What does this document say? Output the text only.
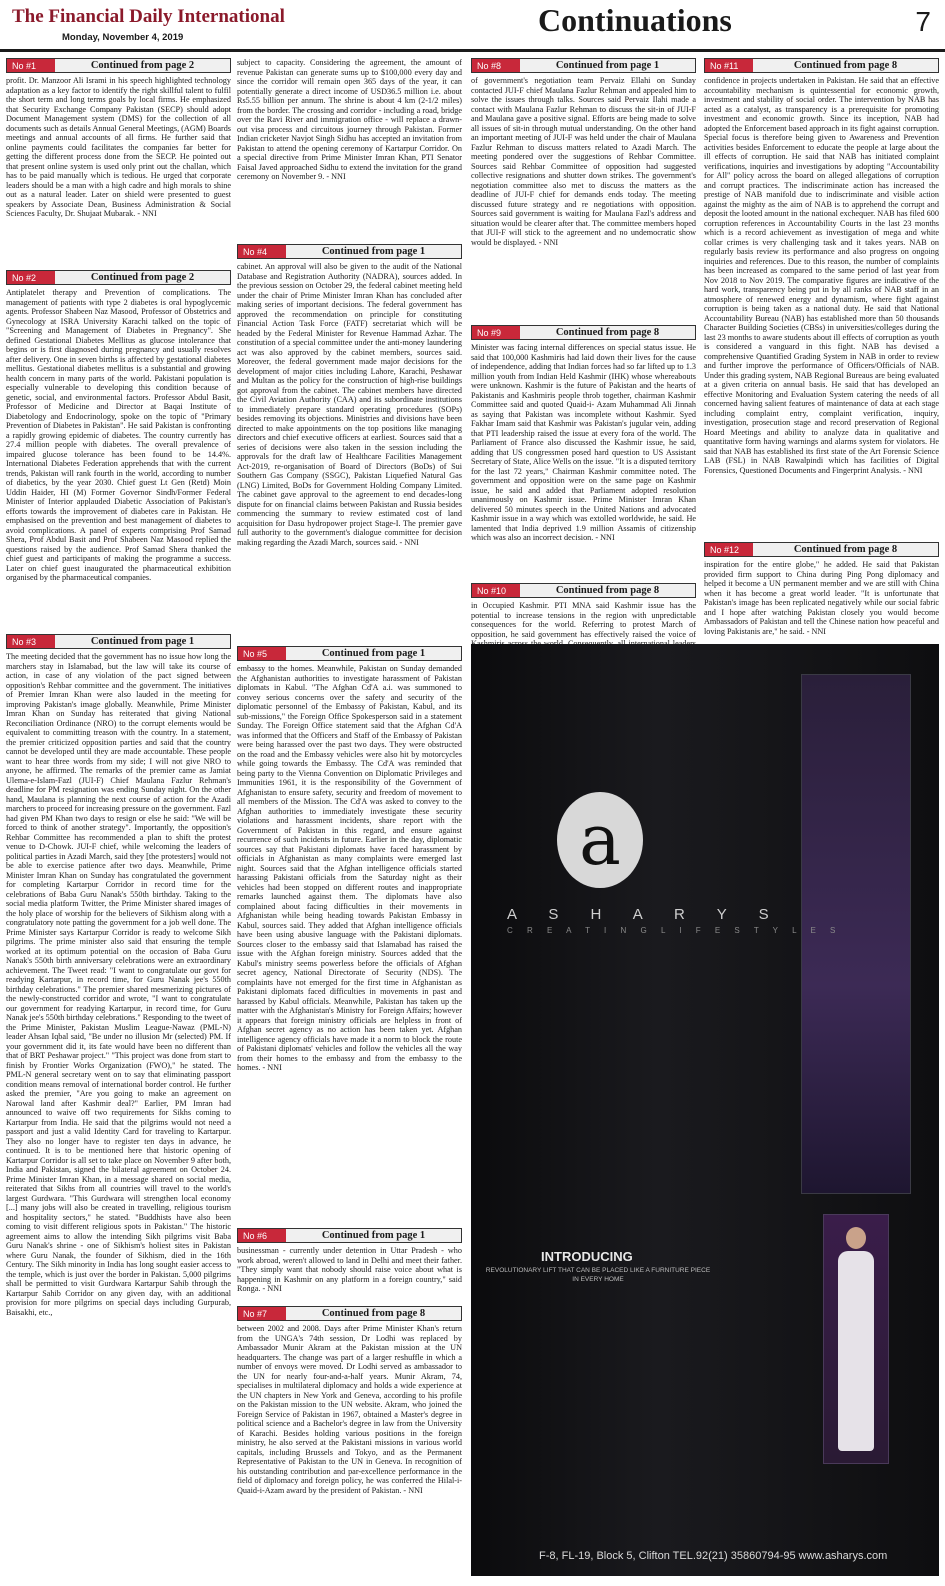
The Financial Daily International
Monday, November 4, 2019	Continuations	7
No #1	Continued from page 2
profit. Dr. Manzoor Ali Isrami in his speech highlighted technology adaptation as a key factor to identify the right skillful talent to fulfil the short term and long terms goals by local firms. He emphasized that Security Exchange Company Pakistan (SECP) should adopt Document Management system (DMS) for the collection of all documents such as details Annual General Meetings, (AGM) Boards meetings and annual accounts of all firms. He further said that online payments could facilitates the companies far better for getting the different process done from the SECP. He pointed out that present online system is used only print out the challan, which has to be paid manually which is tedious. He urged that corporate leaders should be a man with a high cadre and high morals to shine out as a natural leader. Later on shield were presented to guest speakers by Associate Dean, Business Administration & Social Sciences Faculty, Dr. Shujaat Mubarak. - NNI
No #2	Continued from page 2
Antiplatelet therapy and Prevention of complications. The management of patients with type 2 diabetes is oral hypoglycemic agents. Professor Shabeen Naz Masood, Professor of Obstetrics and Gynecology at ISRA University Karachi talked on the topic of "Screening and Management of Diabetes in Pregnancy". She defined Gestational Diabetes Mellitus as glucose intolerance that begins or is first diagnosed during pregnancy and usually resolves after delivery. One in seven births is affected by gestational diabetes mellitus. Gestational diabetes mellitus is a substantial and growing health concern in many parts of the world. Pakistani population is especially vulnerable to developing this condition because of genetic, social, and environmental factors. Professor Abdul Basit, Professor of Medicine and Director at Baqai Institute of Diabetology and Endocrinology, spoke on the topic of "Primary Prevention of Diabetes in Pakistan". He said Pakistan is confronting a rapidly growing epidemic of diabetes. The country currently has 27.4 million people with diabetes. The overall prevalence of impaired glucose tolerance has been found to be 14.4%. International Diabetes Federation apprehends that with the current trends, Pakistan will rank fourth in the world, according to number of diabetics, by the year 2030. Chief guest Lt Gen (Retd) Moin Uddin Haider, HI (M) Former Governor Sindh/Former Federal Minister of Interior applauded Diabetic Association of Pakistan's efforts towards the improvement of diabetes care in Pakistan. He emphasised on the prevention and best management of diabetes to avoid complications. A panel of experts comprising Prof Samad Shera, Prof Abdul Basit and Prof Shabeen Naz Masood replied the questions raised by the audience. Prof Samad Shera thanked the chief guest and participants of making the programme a success. Later on chief guest inaugurated the pharmaceutical exhibition organised by the pharmaceutical companies.
No #3	Continued from page 1
The meeting decided that the government has no issue how long the marchers stay in Islamabad, but the law will take its course of action, in case of any violation of the pact signed between opposition's Rehbar committee and the government. The initiatives of Premier Imran Khan were also lauded in the meeting for improving Pakistan's image globally. Meanwhile, Prime Minister Imran Khan on Sunday has reiterated that giving National Reconciliation Ordinance (NRO) to the corrupt elements would be equivalent to committing treason with the country. In a statement, the premier criticized opposition parties and said that the country cannot be developed until they are made accountable. These people want to hear three words from my side; I will not give NRO to anyone, he affirmed. The remarks of the premier came as Jamiat Ulema-e-Islam-Fazl (JUI-F) Chief Maulana Fazlur Rehman's deadline for PM resignation was ending Sunday night. On the other hand, Maulana is planning the next course of action for the Azadi marchers to proceed for increasing pressure on the government. Fazl had given PM Khan two days to resign or else he said: "We will be forced to think of another strategy". Importantly, the opposition's Rehbar Committee has recommended a plan to shift the protest venue to D-Chowk. JUI-F chief, while welcoming the leaders of political parties in Azadi March, said they [the protesters] would not be able to exercise patience after two days. Meanwhile, Prime Minister Imran Khan on Sunday has congratulated the government for completing Kartarpur Corridor in record time for the celebrations of Baba Guru Nanak's 550th birthday. Taking to the social media platform Twitter, the Prime Minister shared images of the holy place of worship for the believers of Sikhism along with a congratulatory note patting the government for a job well done. The Prime Minister says Kartarpur Corridor is ready to welcome Sikh pilgrims. The prime minister also said that ensuring the temple worked at its optimum potential on the occasion of Baba Guru Nanak's 550th birth anniversary celebrations were an extraordinary achievement. The Tweet read: "I want to congratulate our govt for readying Kartarpur, in record time, for Guru Nanak jee's 550th birthday celebrations." The premier shared mesmerizing pictures of the newly-constructed corridor and wrote, "I want to congratulate our government for readying Kartarpur, in record time, for Guru Nanak jee's 550th birthday celebrations." Responding to the tweet of the Prime Minister, Pakistan Muslim League-Nawaz (PML-N) leader Ahsan Iqbal said, "Be under no illusion Mr (selected) PM. If your government did it, its fate would have been no different than that of BRT Peshawar project." "This project was done from start to finish by Frontier Works Organization (FWO)," he stated. The PML-N general secretary went on to say that eliminating passport condition means removal of international border control. He further asked the premier, "Are you going to make an agreement on Narowal land after Kashmir deal?" Earlier, PM Imran had announced to waive off two requirements for Sikhs coming to Kartarpur from India. He said that the pilgrims would not need a passport and just a valid Identity Card for traveling to Kartarpur. They also no longer have to register ten days in advance, he continued. It is to be mentioned here that historic opening of Kartarpur Corridor is all set to take place on November 9 after both, India and Pakistan, signed the bilateral agreement on October 24. Prime Minister Imran Khan, in a message shared on social media, reiterated that Sikhs from all countries will travel to the world's largest Gurdwara. "This Gurdwara will strengthen local economy [...] many jobs will also be created in travelling, religious tourism and hospitality sectors," he stated. "Buddhists have also been coming to visit different religious spots in Pakistan." The historic agreement aims to allow the intending Sikh pilgrims visit Baba Guru Nanak's shrine - one of Sikhism's holiest sites in Pakistan where Guru Nanak, the founder of Sikhism, died in the 16th Century. The Sikh minority in India has long sought easier access to the temple, which is just over the border in Pakistan. 5,000 pilgrims shall be permitted to visit Gurdwara Kartarpur Sahib through the Kartarpur Sahib Corridor on any given day, with an additional provision for more pilgrims on special days including Gurpurab, Baisakhi, etc.,
subject to capacity. Considering the agreement, the amount of revenue Pakistan can generate sums up to $100,000 every day and since the corridor will remain open 365 days of the year, it can potentially generate a direct income of USD36.5 million i.e. about Rs5.55 billion per annum. The shrine is about 4 km (2-1/2 miles) from the border. The crossing and corridor - including a road, bridge over the Ravi River and immigration office - will replace a drawn-out visa process and circuitous journey through Pakistan. Former Indian cricketer Navjot Singh Sidhu has accepted an invitation from Pakistan to attend the opening ceremony of Kartarpur Corridor. On a special directive from Prime Minister Imran Khan, PTI Senator Faisal Javed approached Sidhu to extend the invitation for the grand ceremony on November 9. - NNI
No #4	Continued from page 1
cabinet. An approval will also be given to the audit of the National Database and Registration Authority (NADRA), sources added. In the previous session on October 29, the federal cabinet meeting held under the chair of Prime Minister Imran Khan has concluded after making series of important decisions. The federal government has approved the recommendation on principle for constituting Financial Action Task Force (FATF) secretariat which will be headed by the Federal Minister for Revenue Hammad Azhar. The constitution of a special committee under the anti-money laundering act was also approved by the cabinet members, sources said. Moreover, the federal government made major decisions for the development of major cities including Lahore, Karachi, Peshawar and Multan as the policy for the construction of high-rise buildings got approval from the cabinet. The cabinet members have directed the Civil Aviation Authority (CAA) and its subordinate institutions to immediately prepare standard operating procedures (SOPs) besides removing its objections. Ministries and divisions have been directed to make appointments on the top positions like managing directors and chief executive officers at earliest. Sources said that a series of decisions were also taken in the session including the approvals for the draft law of Healthcare Facilities Management Act-2019, re-organisation of Board of Directors (BoDs) of Sui Southern Gas Company (SSGC), Pakistan Liquefied Natural Gas (LNG) Limited, BoDs for Government Holding Company Limited. The cabinet gave approval to the agreement to end decades-long dispute for on financial claims between Pakistan and Russia besides commencing the summary to review estimated cost of land acquisition for Dasu hydropower project Stage-I. The premier gave full authority to the government's dialogue committee for decision making regarding the Azadi March, sources said. - NNI
No #5	Continued from page 1
embassy to the homes. Meanwhile, Pakistan on Sunday demanded the Afghanistan authorities to investigate harassment of Pakistan diplomats in Kabul. "The Afghan Cd'A a.i. was summoned to convey serious concerns over the safety and security of the diplomatic personnel of the Embassy of Pakistan, Kabul, and its sub-missions," the Foreign Office Spokesperson said in a statement Sunday. The Foreign Office statement said that the Afghan Cd'A was informed that the Officers and Staff of the Embassy of Pakistan were being harassed over the past two days. They were obstructed on the road and the Embassy vehicles were also hit by motorcycles while going towards the Embassy. The Cd'A was reminded that being party to the Vienna Convention on Diplomatic Privileges and Immunities 1961, it is the responsibility of the Government of Afghanistan to ensure safety, security and freedom of movement to all members of the Mission. The Cd'A was asked to convey to the Afghan authorities to immediately investigate these security violations and harassment incidents, share report with the Government of Pakistan in this regard, and ensure against recurrence of such incidents in future. Earlier in the day, diplomatic sources say that Pakistani diplomats have faced harassment by officials in Afghanistan as many complaints were emerged last night. Sources said that the Afghan intelligence officials started harassing Pakistani officials from the Saturday night as their vehicles had been stopped on different routes and inappropriate remarks launched against them. The diplomats have also complained about facing difficulties in their movements in Afghanistan while being heading towards Pakistan Embassy in Kabul, sources said. They added that Afghan intelligence officials have been using abusive language with the Pakistani diplomats. Sources closer to the embassy said that Islamabad has raised the issue with the Afghan foreign ministry. Sources added that the Kabul's ministry seems powerless before the officials of Afghan secret agency, National Directorate of Security (NDS). The complaints have not emerged for the first time in Afghanistan as Pakistani diplomats faced difficulties in movements in past and harassed by Kabul officials. Meanwhile, Pakistan has taken up the matter with the Afghanistan's Ministry for Foreign Affairs; however it appears that foreign ministry officials are helpless in front of Afghan secret agency as no action has been taken yet. Afghan intelligence agency officials have made it a norm to block the route of Pakistani diplomats' vehicles and follow the vehicles all the way from their homes to the embassy and from the embassy to the homes. - NNI
No #6	Continued from page 1
businessman - currently under detention in Uttar Pradesh - who work abroad, weren't allowed to land in Delhi and meet their father. "They simply want that nobody should raise voice about what is happening in Kashmir on any platform in a foreign country," said Ronga. - NNI
No #7	Continued from page 8
between 2002 and 2008. Days after Prime Minister Khan's return from the UNGA's 74th session, Dr Lodhi was replaced by Ambassador Munir Akram at the Pakistan mission at the UN headquarters. The change was part of a larger reshuffle in which a number of envoys were moved. Dr Lodhi served as ambassador to the UN for nearly four-and-a-half years. Munir Akram, 74, specialises in multilateral diplomacy and holds a wide experience at the UN chapters in New York and Geneva, according to his profile on the Pakistan mission to the UN website. Akram, who joined the Foreign Service of Pakistan in 1967, obtained a Master's degree in political science and a Bachelor's degree in law from the University of Karachi. Besides holding various positions in the foreign ministry, he also served at the Pakistani missions in various world capitals, including Brussels and Tokyo, and as the Permanent Representative of Pakistan to the UN in Geneva. In recognition of his outstanding contribution and par-excellence performance in the field of diplomacy and foreign policy, he was conferred the Hilal-i-Quaid-i-Azam award by the president of Pakistan. - NNI
No #8	Continued from page 1
of government's negotiation team Pervaiz Ellahi on Sunday contacted JUI-F chief Maulana Fazlur Rehman and appealed him to solve the issues through talks. Sources said Pervaiz Ilahi made a contact with Maulana Fazlur Rehman to discuss the sit-in of JUI-F and Maulana gave a positive signal. Efforts are being made to solve all issues of sit-in through mutual understanding. On the other hand an important meeting of JUI-F was held under the chair of Maulana Fazlur Rehman to discuss matters related to Azadi March. The meeting pondered over the suggestions of Rehbar Committee. Sources said Rehbar Committee of opposition had suggested collective resignations and shutter down strikes. The government's negotiation committee also met to discuss the matters as the deadline of JUI-F chief for demands ends today. The meeting discussed future strategy and re negotiations with opposition. Sources said government is waiting for Maulana Fazl's address and situation would be clearer after that. The committee members hoped that JUI-F will stick to the agreement and no undemocratic show would be displayed. - NNI
No #9	Continued from page 8
Minister was facing internal differences on special status issue. He said that 100,000 Kashmiris had laid down their lives for the cause of independence, adding that Indian forces had so far lifted up to 1.3 million youth from Indian Held Kashmir (IHK) whose whereabouts were unknown. Kashmir is the future of Pakistan and the hearts of Pakistanis and Kashmiris people throb together, chairman Kashmir Committee said and quoted Quaid-i- Azam Muhammad Ali Jinnah as saying that Pakistan was incomplete without Kashmir. Syed Fakhar Imam said that Kashmir was Pakistan's jugular vein, adding that PTI leadership raised the issue at every fora of the world. The Parliament of France also discussed the Kashmir issue, he said, adding that US congressmen posed hard question to US Assistant Secretary of State, Alice Wells on the issue. "It is a disputed territory for the last 72 years," Chairman Kashmir committee noted. The government and opposition were on the same page on Kashmir issue, he said and added that Parliament adopted resolution unanimously on Kashmir issue. Prime Minister Imran Khan delivered 50 minutes speech in the United Nations and advocated Kashmir issue in a way which was extolled worldwide, he said. He lamented that India deprived 1.9 million Assamis of citizenship which was also an incorrect decision. - NNI
No #10	Continued from page 8
in Occupied Kashmir. PTI MNA said Kashmir issue has the potential to increase tensions in the region with unpredictable consequences for the world. Referring to protest March of opposition, he said government has effectively raised the voice of
No #11	Continued from page 8
confidence in projects undertaken in Pakistan. He said that an effective accountability mechanism is quintessential for economic growth, investment and stability of social order. The intervention by NAB has acted as a catalyst, as transparency is a prerequisite for promoting investment and economic growth. Since its inception, NAB had adopted the Enforcement based approach in its fight against corruption. Special focus is therefore being given to Awareness and Prevention activities besides Enforcement to educate the people at large about the ill effects of corruption. He said that NAB has initiated complaint verifications, inquiries and investigations by adopting "Accountability for All" policy across the board on alleged allegations of corruption and corrupt practices. The indiscriminate action has increased the prestige of NAB manifold due to indiscriminate and visible action against the mighty as the aim of NAB is to apprehend the corrupt and deposit the looted amount in the national exchequer. NAB has filed 600 corruption references in Accountability Courts in the last 23 months which is a record achievement as investigation of mega and white collar crimes is very challenging task and it takes years. NAB on regularly basis review its performance and also progress on ongoing inquiries and references. Due to this reason, the number of complaints has been increased as compared to the same period of last year from Nov 2018 to Nov 2019. The comparative figures are indicative of the hard work, transparency being put in by all ranks of NAB staff in an atmosphere of renewed energy and dynamism, where fight against corruption is being taken as a national duty. He said that National Accountability Bureau (NAB) has established more than 50 thousands Character Building Societies (CBSs) in universities/colleges during the last 23 months to aware students about ill effects of corruption as youth is considered a vanguard in this fight. NAB has devised a comprehensive Quantified Grading System in NAB in order to review and further improve the performance of Officers/Officials of NAB. Under this grading system, NAB Regional Bureaus are being evaluated at a given criteria on annual basis. He said that has developed an effective Monitoring and Evaluation System catering the needs of all concerned having salient features of maintenance of data at each stage including complaint entry, complaint verification, inquiry, investigation, prosecution stage and record preservation of Regional Hoard Meetings and ability to analyze data in qualitative and quantitative form having warnings and alarms system for violators. He said that NAB has established its first state of the Art Forensic Science LAB (FSL) in NAB Rawalpindi which has facilities of Digital Forensics, Questioned Documents and Fingerprint Analysis. - NNI
No #12	Continued from page 8
inspiration for the entire globe," he added. He said that Pakistan provided firm support to China during Ping Pong diplomacy and helped it become a UN permanent member and we are still with China when it has become a great world leader. "It is unfortunate that Pakistan's image has been replicated negatively while our social fabric and I hope after watching Pakistan closely you would become Ambassadors of Pakistan and tell the Chinese nation how peaceful and loving Pakistanis are," he said. - NNI
a
A S H A R Y S
C R E A T I N G L I F E S T Y L E S
INTRODUCING
REVOLUTIONARY LIFT THAT CAN BE PLACED LIKE A FURNITURE PIECE IN EVERY HOME
F-8, FL-19, Block 5, Clifton TEL.92(21) 35860794-95 www.asharys.com
